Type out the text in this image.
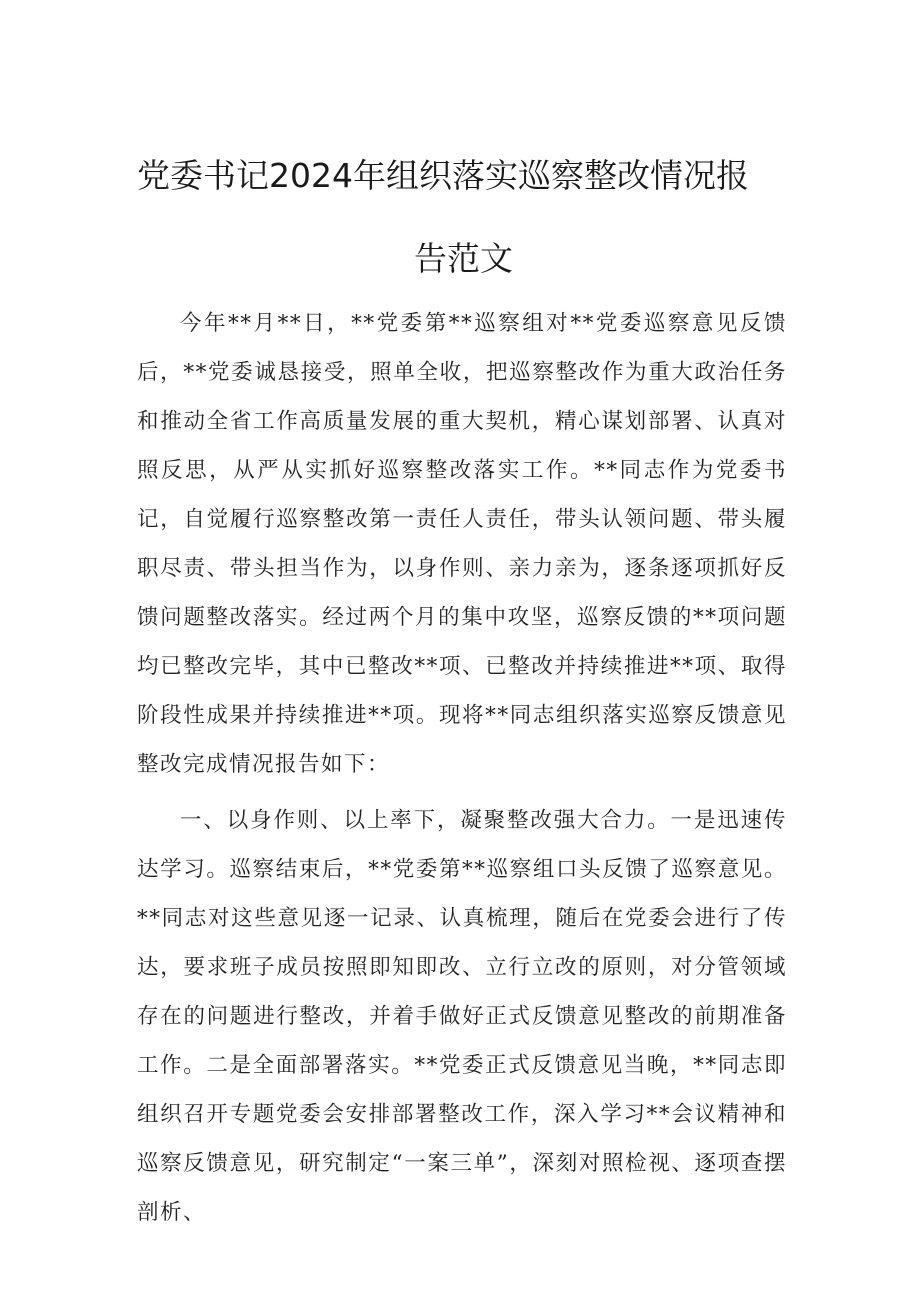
党委书记2024年组织落实巡察整改情况报
告范文

今年**月**日，**党委第**巡察组对**党委巡察意见反馈后，**党委诚恳接受，照单全收，把巡察整改作为重大政治任务和推动全省工作高质量发展的重大契机，精心谋划部署、认真对照反思，从严从实抓好巡察整改落实工作。**同志作为党委书记，自觉履行巡察整改第一责任人责任，带头认领问题、带头履职尽责、带头担当作为，以身作则、亲力亲为，逐条逐项抓好反馈问题整改落实。经过两个月的集中攻坚，巡察反馈的**项问题均已整改完毕，其中已整改**项、已整改并持续推进**项、取得阶段性成果并持续推进**项。现将**同志组织落实巡察反馈意见整改完成情况报告如下：

一、以身作则、以上率下，凝聚整改强大合力。一是迅速传达学习。巡察结束后，**党委第**巡察组口头反馈了巡察意见。**同志对这些意见逐一记录、认真梳理，随后在党委会进行了传达，要求班子成员按照即知即改、立行立改的原则，对分管领域存在的问题进行整改，并着手做好正式反馈意见整改的前期准备工作。二是全面部署落实。**党委正式反馈意见当晚，**同志即组织召开专题党委会安排部署整改工作，深入学习**会议精神和巡察反馈意见，研究制定“一案三单”，深刻对照检视、逐项查摆剖析、
